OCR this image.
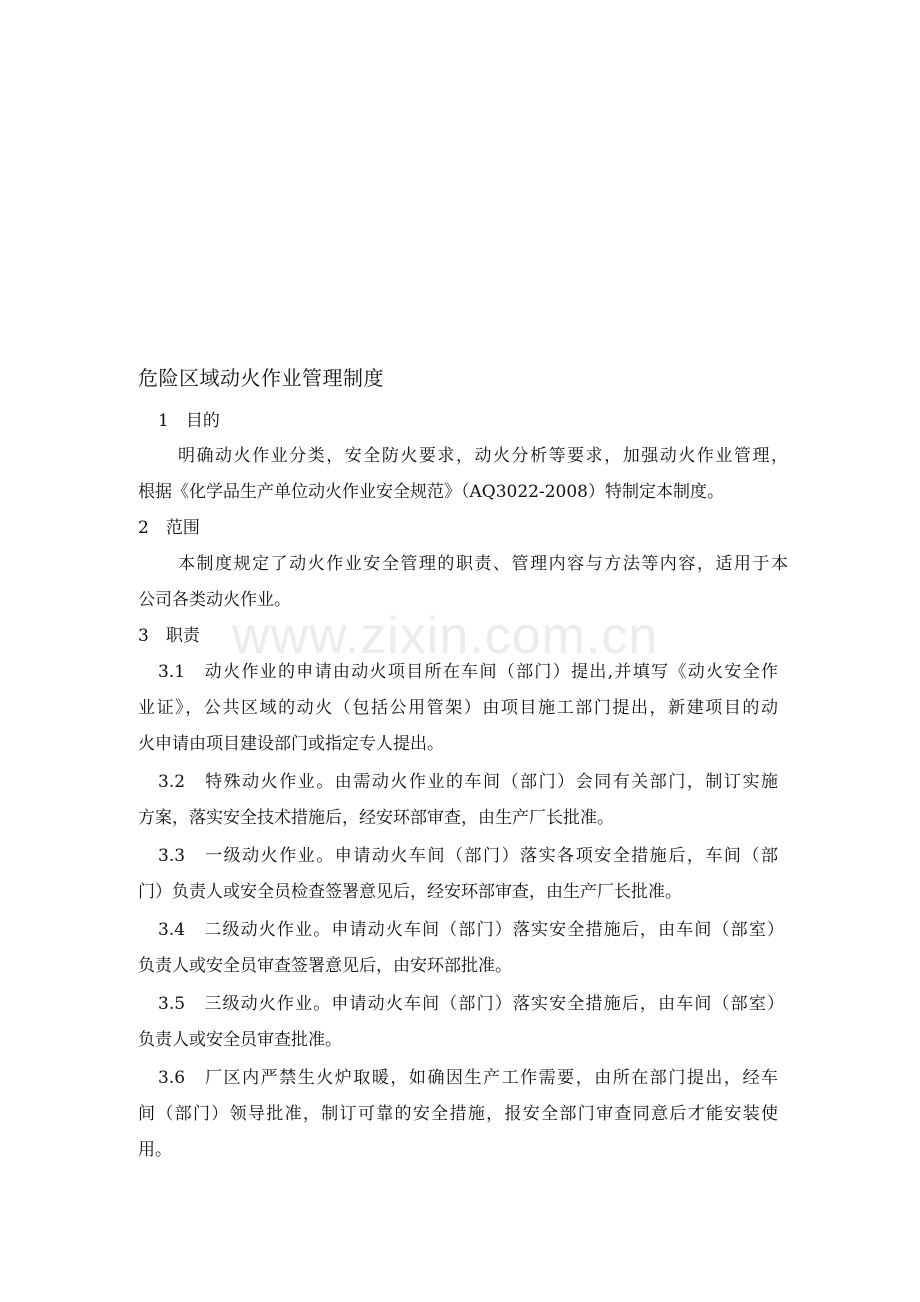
www.zixin.com.cn
危险区域动火作业管理制度
1　目的
明确动火作业分类，安全防火要求，动火分析等要求，加强动火作业管理，
根据《化学品生产单位动火作业安全规范》（AQ3022-2008）特制定本制度。
2　范围
本制度规定了动火作业安全管理的职责、管理内容与方法等内容，适用于本
公司各类动火作业。
3　职责
3.1　动火作业的申请由动火项目所在车间（部门）提出,并填写《动火安全作
业证》，公共区域的动火（包括公用管架）由项目施工部门提出，新建项目的动
火申请由项目建设部门或指定专人提出。
3.2　特殊动火作业。由需动火作业的车间（部门）会同有关部门，制订实施
方案，落实安全技术措施后，经安环部审查，由生产厂长批准。
3.3　一级动火作业。申请动火车间（部门）落实各项安全措施后，车间（部
门）负责人或安全员检查签署意见后，经安环部审查，由生产厂长批准。
3.4　二级动火作业。申请动火车间（部门）落实安全措施后，由车间（部室）
负责人或安全员审查签署意见后，由安环部批准。
3.5　三级动火作业。申请动火车间（部门）落实安全措施后，由车间（部室）
负责人或安全员审查批准。
3.6　厂区内严禁生火炉取暖，如确因生产工作需要，由所在部门提出，经车
间（部门）领导批准，制订可靠的安全措施，报安全部门审查同意后才能安装使
用。
